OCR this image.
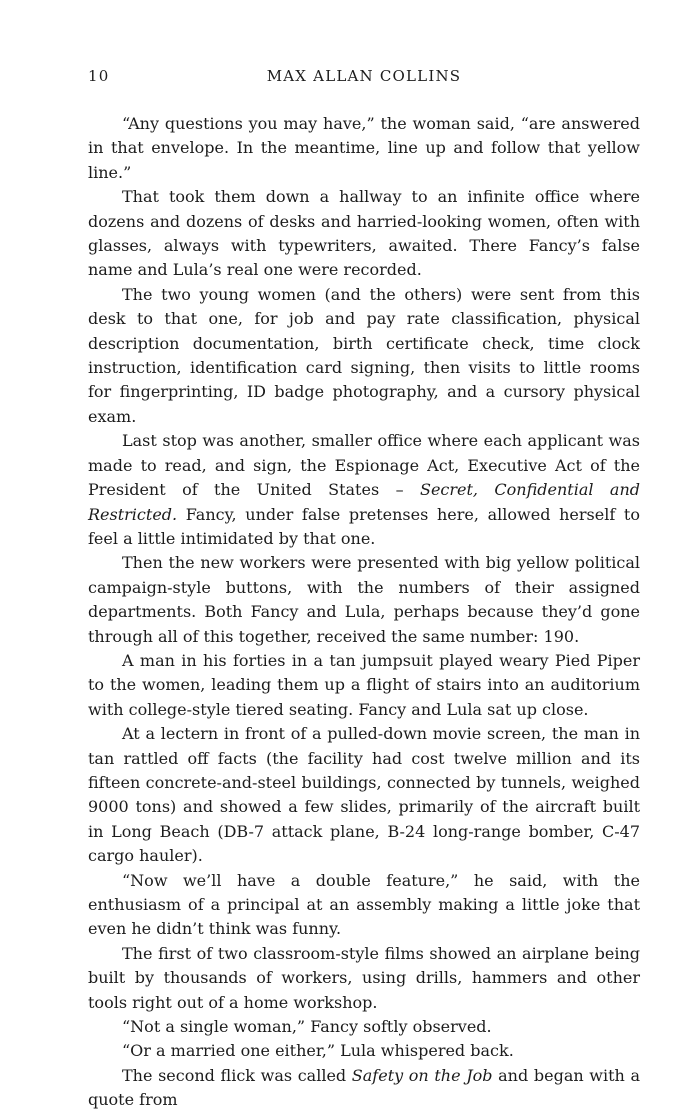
10	MAX ALLAN COLLINS

“Any questions you may have,” the woman said, “are answered in that envelope. In the meantime, line up and follow that yellow line.”

That took them down a hallway to an infinite office where dozens and dozens of desks and harried-looking women, often with glasses, always with typewriters, awaited. There Fancy’s false name and Lula’s real one were recorded.

The two young women (and the others) were sent from this desk to that one, for job and pay rate classification, physical description documentation, birth certificate check, time clock instruction, identification card signing, then visits to little rooms for fingerprinting, ID badge photography, and a cursory physical exam.

Last stop was another, smaller office where each applicant was made to read, and sign, the Espionage Act, Executive Act of the President of the United States – Secret, Confidential and Restricted. Fancy, under false pretenses here, allowed herself to feel a little intimidated by that one.

Then the new workers were presented with big yellow political campaign-style buttons, with the numbers of their assigned departments. Both Fancy and Lula, perhaps because they’d gone through all of this together, received the same number: 190.

A man in his forties in a tan jumpsuit played weary Pied Piper to the women, leading them up a flight of stairs into an auditorium with college-style tiered seating. Fancy and Lula sat up close.

At a lectern in front of a pulled-down movie screen, the man in tan rattled off facts (the facility had cost twelve million and its fifteen concrete-and-steel buildings, connected by tunnels, weighed 9000 tons) and showed a few slides, primarily of the aircraft built in Long Beach (DB-7 attack plane, B-24 long-range bomber, C-47 cargo hauler).

“Now we’ll have a double feature,” he said, with the enthusiasm of a principal at an assembly making a little joke that even he didn’t think was funny.

The first of two classroom-style films showed an airplane being built by thousands of workers, using drills, hammers and other tools right out of a home workshop.

“Not a single woman,” Fancy softly observed.

“Or a married one either,” Lula whispered back.

The second flick was called Safety on the Job and began with a quote from
